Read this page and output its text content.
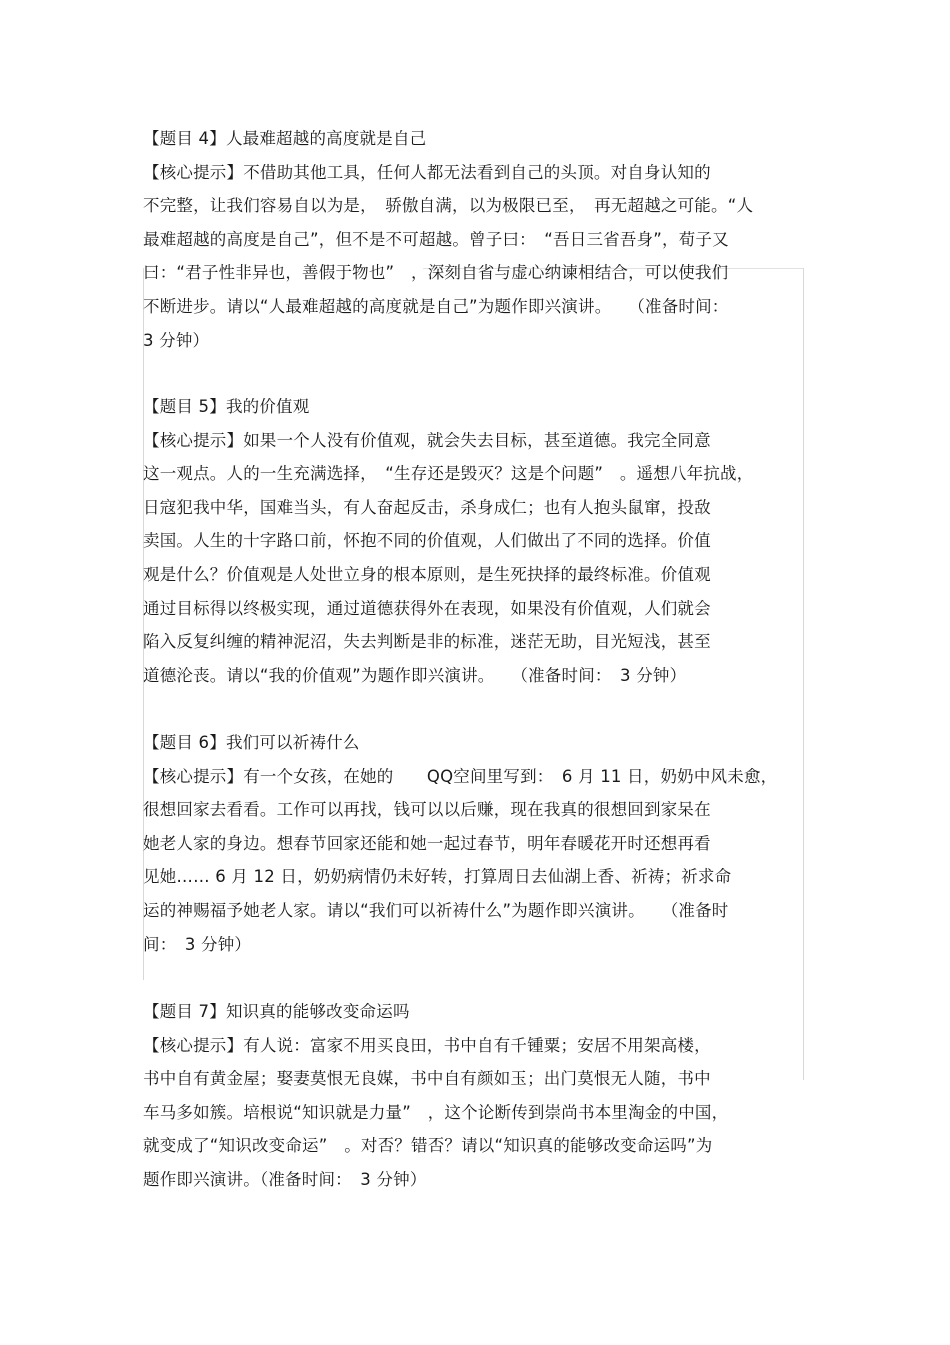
【题目 4】人最难超越的高度就是自己
【核心提示】不借助其他工具，任何人都无法看到自己的头顶。对自身认知的
不完整，让我们容易自以为是，　骄傲自满，以为极限已至，　再无超越之可能。“人
最难超越的高度是自己”，但不是不可超越。曾子曰：　“吾日三省吾身”，荀子又
曰：“君子性非异也，善假于物也”　，深刻自省与虚心纳谏相结合，可以使我们
不断进步。请以“人最难超越的高度就是自己”为题作即兴演讲。　　（准备时间：
3 分钟）
【题目 5】我的价值观
【核心提示】如果一个人没有价值观，就会失去目标，甚至道德。我完全同意
这一观点。人的一生充满选择，　“生存还是毁灭？这是个问题”　。遥想八年抗战，
日寇犯我中华，国难当头，有人奋起反击，杀身成仁；也有人抱头鼠窜，投敌
卖国。人生的十字路口前，怀抱不同的价值观，人们做出了不同的选择。价值
观是什么？价值观是人处世立身的根本原则，是生死抉择的最终标准。价值观
通过目标得以终极实现，通过道德获得外在表现，如果没有价值观，人们就会
陷入反复纠缠的精神泥沼，失去判断是非的标准，迷茫无助，目光短浅，甚至
道德沦丧。请以“我的价值观”为题作即兴演讲。　　（准备时间：　3 分钟）
【题目 6】我们可以祈祷什么
【核心提示】有一个女孩，在她的　　QQ空间里写到：　6 月 11 日，奶奶中风未愈，
很想回家去看看。工作可以再找，钱可以以后赚，现在我真的很想回到家呆在
她老人家的身边。想春节回家还能和她一起过春节，明年春暖花开时还想再看
见她…… 6 月 12 日，奶奶病情仍未好转，打算周日去仙湖上香、祈祷；祈求命
运的神赐福予她老人家。请以“我们可以祈祷什么”为题作即兴演讲。　　（准备时
间：　3 分钟）
【题目 7】知识真的能够改变命运吗
【核心提示】有人说：富家不用买良田，书中自有千锺粟；安居不用架高楼，
书中自有黄金屋；娶妻莫恨无良媒，书中自有颜如玉；出门莫恨无人随，书中
车马多如簇。培根说“知识就是力量”　，这个论断传到崇尚书本里淘金的中国，
就变成了“知识改变命运”　。对否？错否？请以“知识真的能够改变命运吗”为
题作即兴演讲。（准备时间：　3 分钟）
